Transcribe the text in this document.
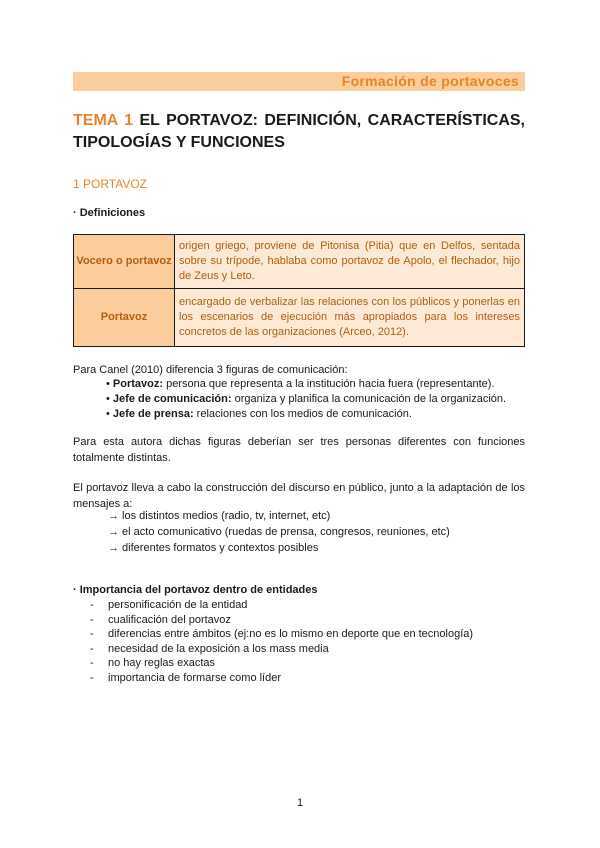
Formación de portavoces
TEMA 1 EL PORTAVOZ: DEFINICIÓN, CARACTERÍSTICAS, TIPOLOGÍAS Y FUNCIONES
1 PORTAVOZ
· Definiciones
Vocero o portavoz	origen griego, proviene de Pitonisa (Pitia) que en Delfos, sentada sobre su trípode, hablaba como portavoz de Apolo, el flechador, hijo de Zeus y Leto.
Portavoz	encargado de verbalizar las relaciones con los públicos y ponerlas en los escenarios de ejecución más apropiados para los intereses concretos de las organizaciones (Arceo, 2012).
Para Canel (2010) diferencia 3 figuras de comunicación:
• Portavoz: persona que representa a la institución hacia fuera (representante).
• Jefe de comunicación: organiza y planifica la comunicación de la organización.
• Jefe de prensa: relaciones con los medios de comunicación.
Para esta autora dichas figuras deberían ser tres personas diferentes con funciones totalmente distintas.
El portavoz lleva a cabo la construcción del discurso en público, junto a la adaptación de los mensajes a:
→ los distintos medios (radio, tv, internet, etc)
→ el acto comunicativo (ruedas de prensa, congresos, reuniones, etc)
→ diferentes formatos y contextos posibles
· Importancia del portavoz dentro de entidades
- personificación de la entidad
- cualificación del portavoz
- diferencias entre ámbitos (ej:no es lo mismo en deporte que en tecnología)
- necesidad de la exposición a los mass media
- no hay reglas exactas
- importancia de formarse como líder
1
